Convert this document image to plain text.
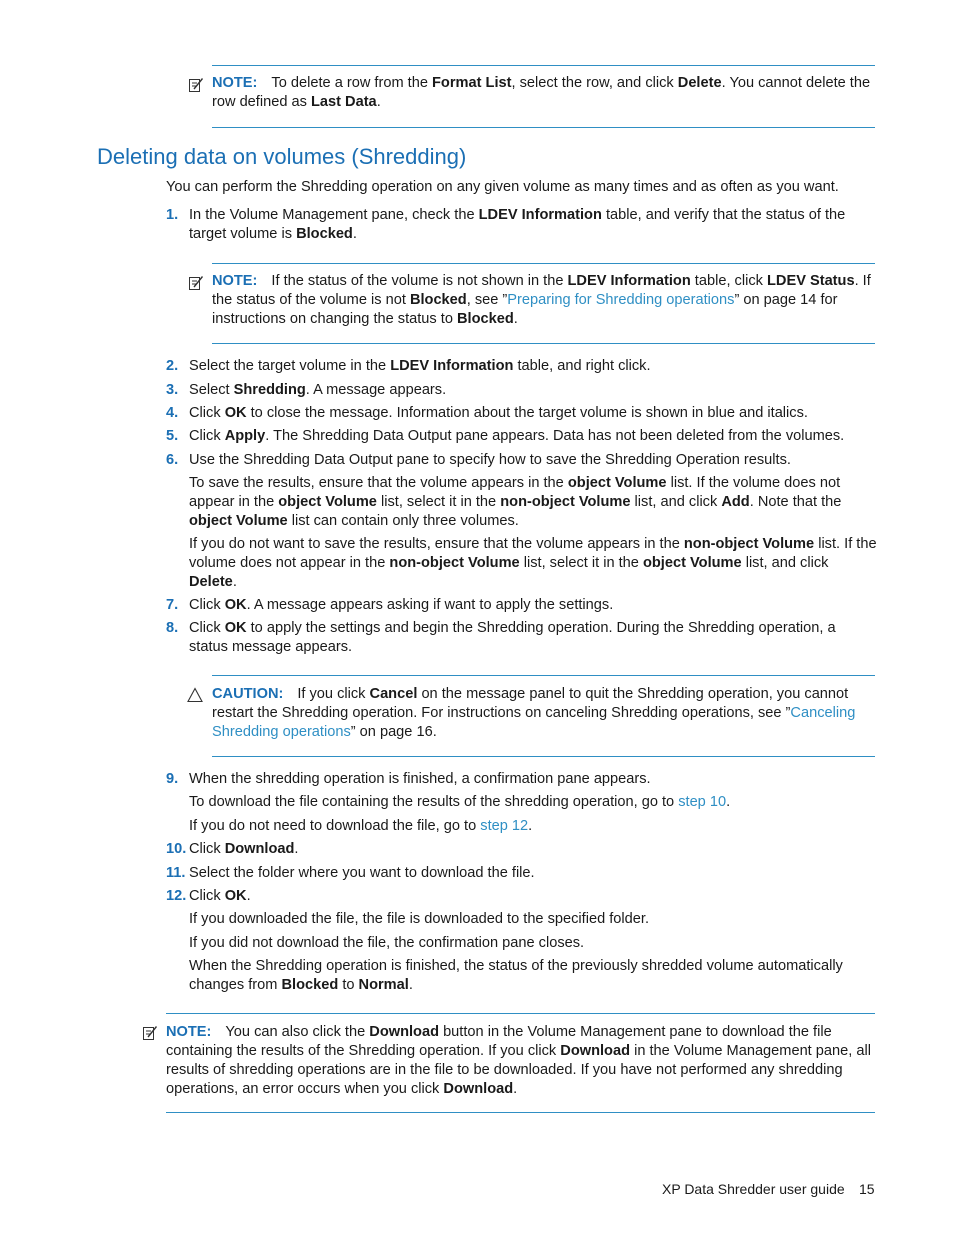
NOTE: To delete a row from the Format List, select the row, and click Delete. You cannot delete the row defined as Last Data.
Deleting data on volumes (Shredding)
You can perform the Shredding operation on any given volume as many times and as often as you want.
1. In the Volume Management pane, check the LDEV Information table, and verify that the status of the target volume is Blocked.
NOTE: If the status of the volume is not shown in the LDEV Information table, click LDEV Status. If the status of the volume is not Blocked, see ”Preparing for Shredding operations” on page 14 for instructions on changing the status to Blocked.
2. Select the target volume in the LDEV Information table, and right click.
3. Select Shredding. A message appears.
4. Click OK to close the message. Information about the target volume is shown in blue and italics.
5. Click Apply. The Shredding Data Output pane appears. Data has not been deleted from the volumes.
6. Use the Shredding Data Output pane to specify how to save the Shredding Operation results.
To save the results, ensure that the volume appears in the object Volume list. If the volume does not appear in the object Volume list, select it in the non-object Volume list, and click Add. Note that the object Volume list can contain only three volumes.
If you do not want to save the results, ensure that the volume appears in the non-object Volume list. If the volume does not appear in the non-object Volume list, select it in the object Volume list, and click Delete.
7. Click OK. A message appears asking if want to apply the settings.
8. Click OK to apply the settings and begin the Shredding operation. During the Shredding operation, a status message appears.
CAUTION: If you click Cancel on the message panel to quit the Shredding operation, you cannot restart the Shredding operation. For instructions on canceling Shredding operations, see ”Canceling Shredding operations” on page 16.
9. When the shredding operation is finished, a confirmation pane appears.
To download the file containing the results of the shredding operation, go to step 10.
If you do not need to download the file, go to step 12.
10. Click Download.
11. Select the folder where you want to download the file.
12. Click OK.
If you downloaded the file, the file is downloaded to the specified folder.
If you did not download the file, the confirmation pane closes.
When the Shredding operation is finished, the status of the previously shredded volume automatically changes from Blocked to Normal.
NOTE: You can also click the Download button in the Volume Management pane to download the file containing the results of the Shredding operation. If you click Download in the Volume Management pane, all results of shredding operations are in the file to be downloaded. If you have not performed any shredding operations, an error occurs when you click Download.
XP Data Shredder user guide 15
